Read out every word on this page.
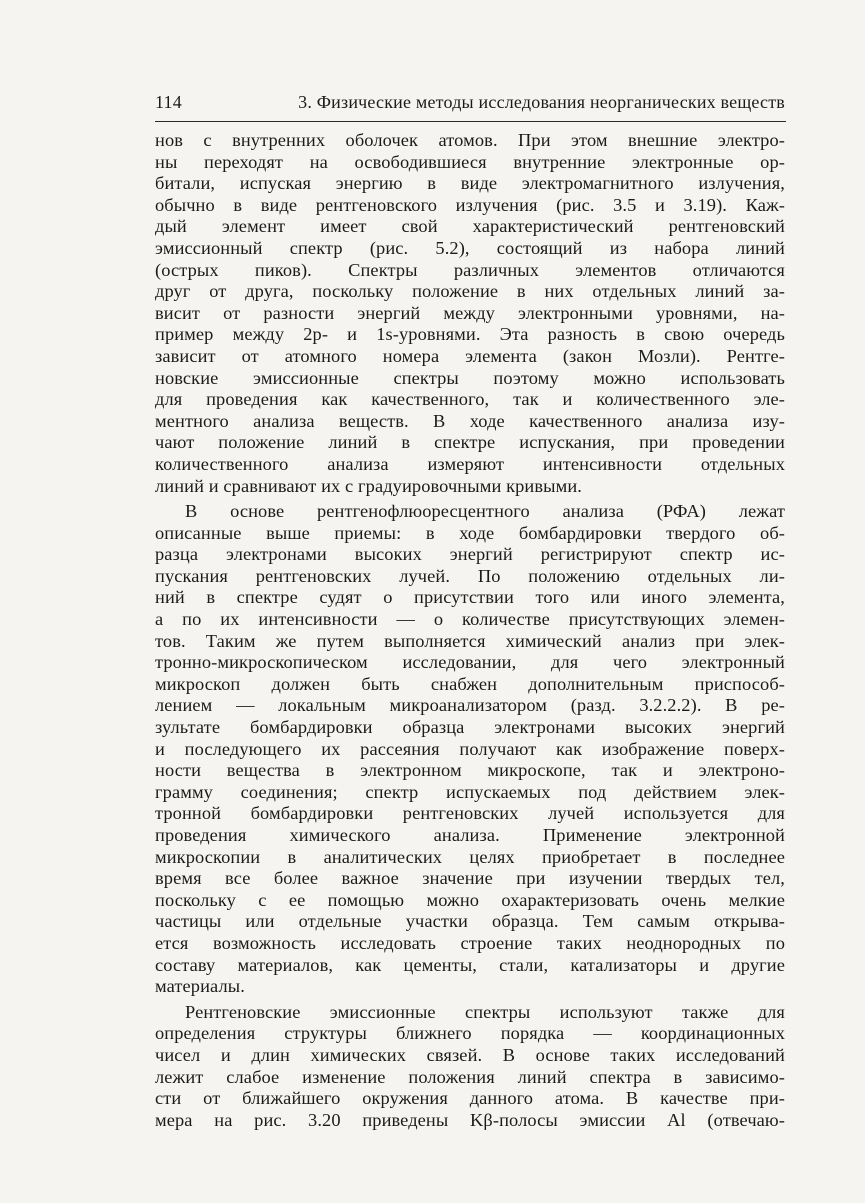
114	3. Физические методы исследования неорганических веществ
нов с внутренних оболочек атомов. При этом внешние электро-
ны переходят на освободившиеся внутренние электронные ор-
битали, испуская энергию в виде электромагнитного излучения,
обычно в виде рентгеновского излучения (рис. 3.5 и 3.19). Каж-
дый элемент имеет свой характеристический рентгеновский
эмиссионный спектр (рис. 5.2), состоящий из набора линий
(острых пиков). Спектры различных элементов отличаются
друг от друга, поскольку положение в них отдельных линий за-
висит от разности энергий между электронными уровнями, на-
пример между 2p- и 1s-уровнями. Эта разность в свою очередь
зависит от атомного номера элемента (закон Мозли). Рентге-
новские эмиссионные спектры поэтому можно использовать
для проведения как качественного, так и количественного эле-
ментного анализа веществ. В ходе качественного анализа изу-
чают положение линий в спектре испускания, при проведении
количественного анализа измеряют интенсивности отдельных
линий и сравнивают их с градуировочными кривыми.
В основе рентгенофлюоресцентного анализа (РФА) лежат
описанные выше приемы: в ходе бомбардировки твердого об-
разца электронами высоких энергий регистрируют спектр ис-
пускания рентгеновских лучей. По положению отдельных ли-
ний в спектре судят о присутствии того или иного элемента,
а по их интенсивности — о количестве присутствующих элемен-
тов. Таким же путем выполняется химический анализ при элек-
тронно-микроскопическом исследовании, для чего электронный
микроскоп должен быть снабжен дополнительным приспособ-
лением — локальным микроанализатором (разд. 3.2.2.2). В ре-
зультате бомбардировки образца электронами высоких энергий
и последующего их рассеяния получают как изображение поверх-
ности вещества в электронном микроскопе, так и электроно-
грамму соединения; спектр испускаемых под действием элек-
тронной бомбардировки рентгеновских лучей используется для
проведения химического анализа. Применение электронной
микроскопии в аналитических целях приобретает в последнее
время все более важное значение при изучении твердых тел,
поскольку с ее помощью можно охарактеризовать очень мелкие
частицы или отдельные участки образца. Тем самым открыва-
ется возможность исследовать строение таких неоднородных по
составу материалов, как цементы, стали, катализаторы и другие
материалы.
Рентгеновские эмиссионные спектры используют также для
определения структуры ближнего порядка — координационных
чисел и длин химических связей. В основе таких исследований
лежит слабое изменение положения линий спектра в зависимо-
сти от ближайшего окружения данного атома. В качестве при-
мера на рис. 3.20 приведены Kβ-полосы эмиссии Al (отвечаю-
